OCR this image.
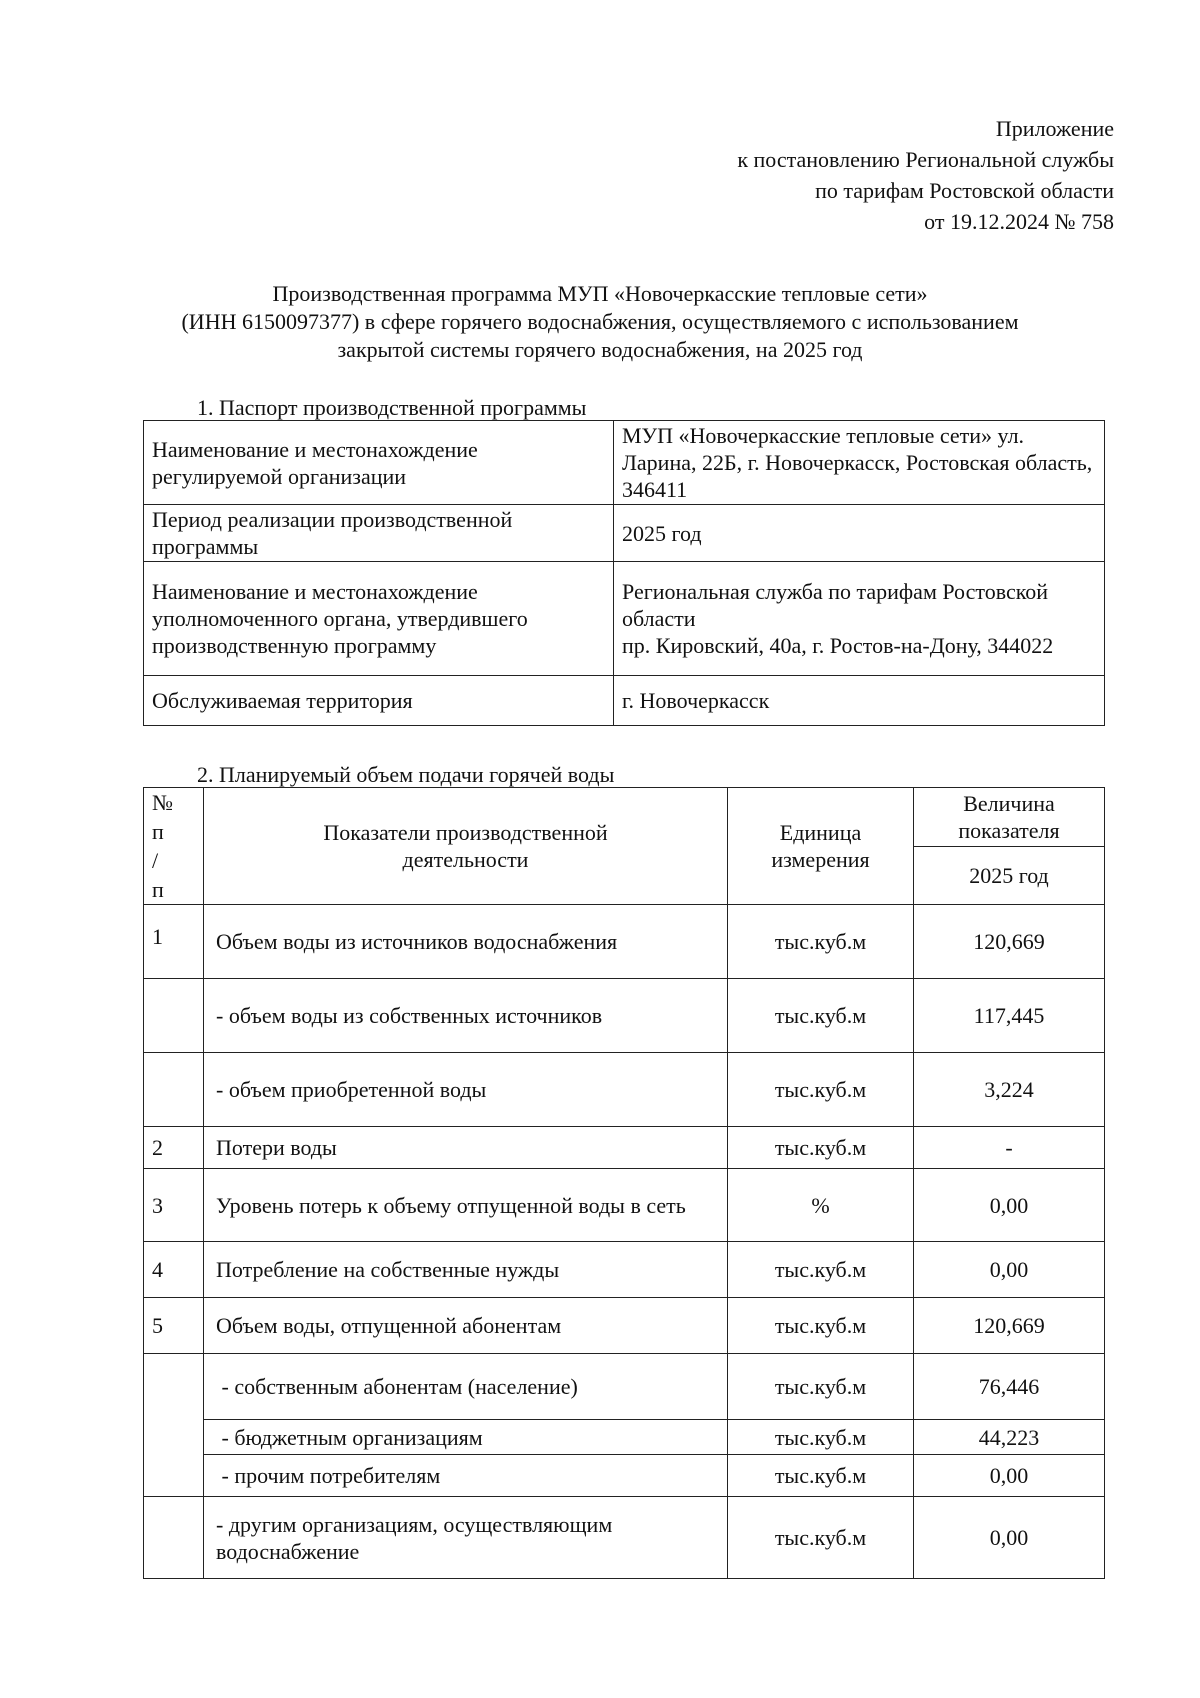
Приложение
к постановлению Региональной службы
по тарифам Ростовской области
от 19.12.2024 № 758
Производственная программа МУП «Новочеркасские тепловые сети»
(ИНН 6150097377) в сфере горячего водоснабжения, осуществляемого с использованием
закрытой системы горячего водоснабжения, на 2025 год
1. Паспорт производственной программы
Наименование и местонахождение регулируемой организации	МУП «Новочеркасские тепловые сети» ул. Ларина, 22Б, г. Новочеркасск, Ростовская область, 346411
Период реализации производственной программы	2025 год
Наименование и местонахождение уполномоченного органа, утвердившего производственную программу	Региональная служба по тарифам Ростовской области
пр. Кировский, 40а, г. Ростов-на-Дону, 344022

Обслуживаемая территория	г. Новочеркасск
2. Планируемый объем подачи горячей воды
№ п / п	Показатели производственной деятельности	Единица измерения	Величина показателя
			2025 год
1	Объем воды из источников водоснабжения	тыс.куб.м	120,669
	- объем воды из собственных источников	тыс.куб.м	117,445
	- объем приобретенной воды	тыс.куб.м	3,224
2	Потери воды	тыс.куб.м	-
3	Уровень потерь к объему отпущенной воды в сеть	%	0,00
4	Потребление на собственные нужды	тыс.куб.м	0,00
5	Объем воды, отпущенной абонентам	тыс.куб.м	120,669
	- собственным абонентам (население)	тыс.куб.м	76,446
	- бюджетным организациям	тыс.куб.м	44,223
	- прочим потребителям	тыс.куб.м	0,00
	- другим организациям, осуществляющим водоснабжение	тыс.куб.м	0,00
